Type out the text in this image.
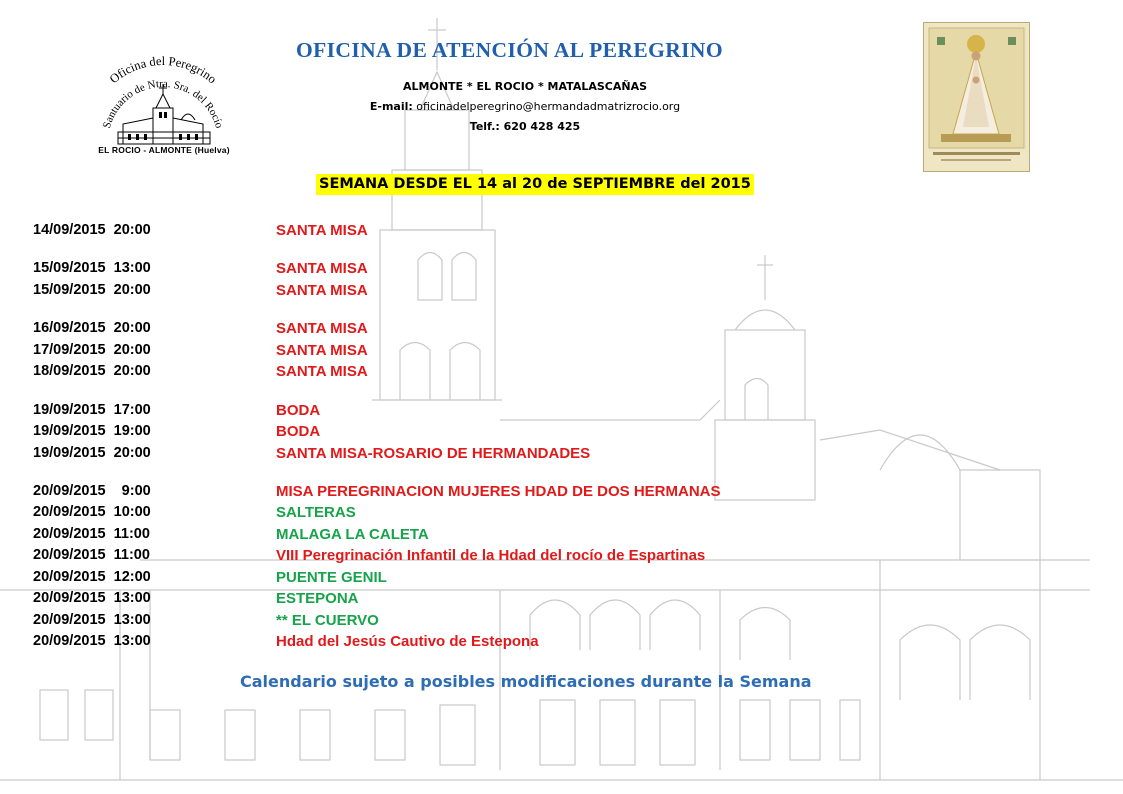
Oficina del Peregrino
Santuario de Ntra. Sra. del Rocío
EL ROCIO - ALMONTE (Huelva)
OFICINA DE ATENCIÓN AL PEREGRINO
ALMONTE * EL ROCIO * MATALASCAÑAS
E-mail: oficinadelperegrino@hermandadmatrizrocio.org
Telf.: 620 428 425
SEMANA DESDE EL 14 al 20 de SEPTIEMBRE del 2015
14/09/2015  20:00	SANTA MISA
15/09/2015  13:00	SANTA MISA
15/09/2015  20:00	SANTA MISA
16/09/2015  20:00	SANTA MISA
17/09/2015  20:00	SANTA MISA
18/09/2015  20:00	SANTA MISA
19/09/2015  17:00	BODA
19/09/2015  19:00	BODA
19/09/2015  20:00	SANTA MISA-ROSARIO DE HERMANDADES
20/09/2015    9:00	MISA PEREGRINACION MUJERES HDAD DE DOS HERMANAS
20/09/2015  10:00	SALTERAS
20/09/2015  11:00	MALAGA LA CALETA
20/09/2015  11:00	VIII Peregrinación Infantil de la Hdad del rocío de Espartinas
20/09/2015  12:00	PUENTE GENIL
20/09/2015  13:00	ESTEPONA
20/09/2015  13:00	** EL CUERVO
20/09/2015  13:00	Hdad del Jesús Cautivo de Estepona
Calendario sujeto a posibles modificaciones durante la Semana
